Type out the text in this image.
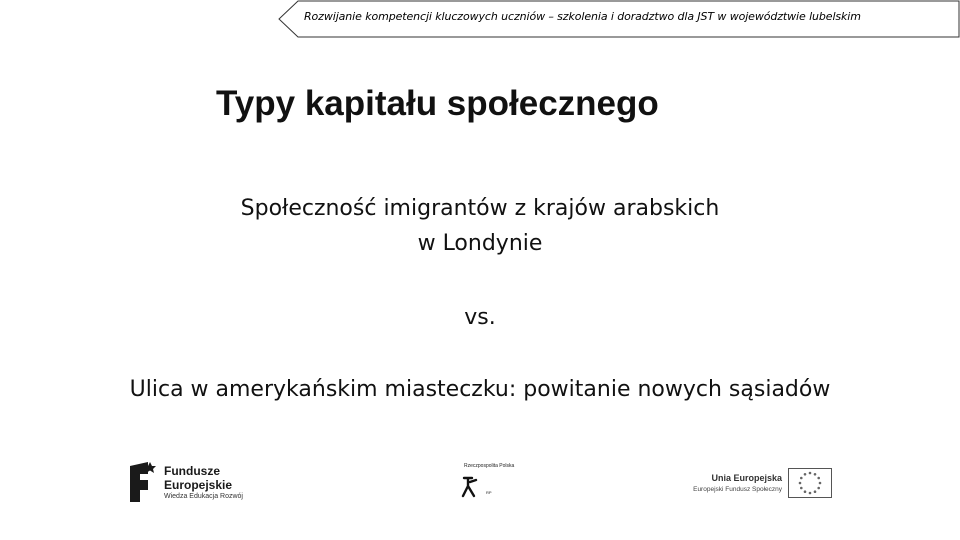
Rozwijanie kompetencji kluczowych uczniów – szkolenia i doradztwo dla JST w województwie lubelskim
Typy kapitału społecznego
Społeczność imigrantów z krajów arabskich
w Londynie
vs.
Ulica w amerykańskim miasteczku: powitanie nowych sąsiadów
Fundusze
Europejskie
Wiedza Edukacja Rozwój
Rzeczpospolita Polska
RP
Unia Europejska
Europejski Fundusz Społeczny
